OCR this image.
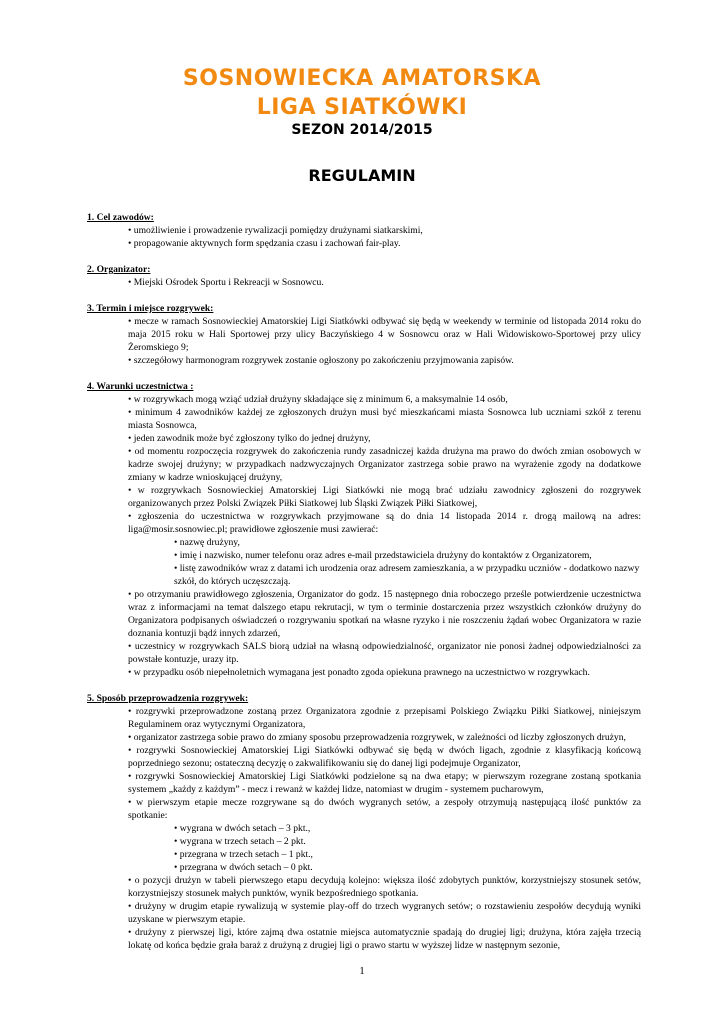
SOSNOWIECKA AMATORSKA
LIGA SIATKÓWKI
SEZON 2014/2015
REGULAMIN
1. Cel zawodów:
• umożliwienie i prowadzenie rywalizacji pomiędzy drużynami siatkarskimi,
• propagowanie aktywnych form spędzania czasu i zachowań fair-play.
2. Organizator:
• Miejski Ośrodek Sportu i Rekreacji w Sosnowcu.
3. Termin i miejsce rozgrywek:
• mecze w ramach Sosnowieckiej Amatorskiej Ligi Siatkówki odbywać się będą w weekendy w terminie od listopada 2014 roku do maja 2015 roku w Hali Sportowej przy ulicy Baczyńskiego 4 w Sosnowcu oraz w Hali Widowiskowo-Sportowej przy ulicy Żeromskiego 9;
• szczegółowy harmonogram rozgrywek zostanie ogłoszony po zakończeniu przyjmowania zapisów.
4. Warunki uczestnictwa :
• w rozgrywkach mogą wziąć udział drużyny składające się z minimum 6, a maksymalnie 14 osób,
• minimum 4 zawodników każdej ze zgłoszonych drużyn musi być mieszkańcami miasta Sosnowca lub uczniami szkół z terenu miasta Sosnowca,
• jeden zawodnik może być zgłoszony tylko do jednej drużyny,
• od momentu rozpoczęcia rozgrywek do zakończenia rundy zasadniczej każda drużyna ma prawo do dwóch zmian osobowych w kadrze swojej drużyny; w przypadkach nadzwyczajnych Organizator zastrzega sobie prawo na wyrażenie zgody na dodatkowe zmiany w kadrze wnioskującej drużyny,
• w rozgrywkach Sosnowieckiej Amatorskiej Ligi Siatkówki nie mogą brać udziału zawodnicy zgłoszeni do rozgrywek organizowanych przez Polski Związek Piłki Siatkowej lub Śląski Związek Piłki Siatkowej,
• zgłoszenia do uczestnictwa w rozgrywkach przyjmowane są do dnia 14 listopada 2014 r. drogą mailową na adres: liga@mosir.sosnowiec.pl; prawidłowe zgłoszenie musi zawierać:
• nazwę drużyny,
• imię i nazwisko, numer telefonu oraz adres e-mail przedstawiciela drużyny do kontaktów z Organizatorem,
• listę zawodników wraz z datami ich urodzenia oraz adresem zamieszkania, a w przypadku uczniów - dodatkowo nazwy szkół, do których uczęszczają.
• po otrzymaniu prawidłowego zgłoszenia, Organizator do godz. 15 następnego dnia roboczego prześle potwierdzenie uczestnictwa wraz z informacjami na temat dalszego etapu rekrutacji, w tym o terminie dostarczenia przez wszystkich członków drużyny do Organizatora podpisanych oświadczeń o rozgrywaniu spotkań na własne ryzyko i nie roszczeniu żądań wobec Organizatora w razie doznania kontuzji bądź innych zdarzeń,
• uczestnicy w rozgrywkach SALS biorą udział na własną odpowiedzialność, organizator nie ponosi żadnej odpowiedzialności za powstałe kontuzje, urazy itp.
• w przypadku osób niepełnoletnich wymagana jest ponadto zgoda opiekuna prawnego na uczestnictwo w rozgrywkach.
5. Sposób przeprowadzenia rozgrywek:
• rozgrywki przeprowadzone zostaną przez Organizatora zgodnie z przepisami Polskiego Związku Piłki Siatkowej, niniejszym Regulaminem oraz wytycznymi Organizatora,
• organizator zastrzega sobie prawo do zmiany sposobu przeprowadzenia rozgrywek, w zależności od liczby zgłoszonych drużyn,
• rozgrywki Sosnowieckiej Amatorskiej Ligi Siatkówki odbywać się będą w dwóch ligach, zgodnie z klasyfikacją końcową poprzedniego sezonu; ostateczną decyzję o zakwalifikowaniu się do danej ligi podejmuje Organizator,
• rozgrywki Sosnowieckiej Amatorskiej Ligi Siatkówki podzielone są na dwa etapy; w pierwszym rozegrane zostaną spotkania systemem „każdy z każdym” - mecz i rewanż w każdej lidze, natomiast w drugim - systemem pucharowym,
• w pierwszym etapie mecze rozgrywane są do dwóch wygranych setów, a zespoły otrzymują następującą ilość punktów za spotkanie:
• wygrana w dwóch setach – 3 pkt.,
• wygrana w trzech setach – 2 pkt.
• przegrana w trzech setach – 1 pkt.,
• przegrana w dwóch setach – 0 pkt.
• o pozycji drużyn w tabeli pierwszego etapu decydują kolejno: większa ilość zdobytych punktów, korzystniejszy stosunek setów, korzystniejszy stosunek małych punktów, wynik bezpośredniego spotkania.
• drużyny w drugim etapie rywalizują w systemie play-off do trzech wygranych setów; o rozstawieniu zespołów decydują wyniki uzyskane w pierwszym etapie.
• drużyny z pierwszej ligi, które zajmą dwa ostatnie miejsca automatycznie spadają do drugiej ligi; drużyna, która zajęła trzecią lokatę od końca będzie grała baraż z drużyną z drugiej ligi o prawo startu w wyższej lidze w następnym sezonie,
1
